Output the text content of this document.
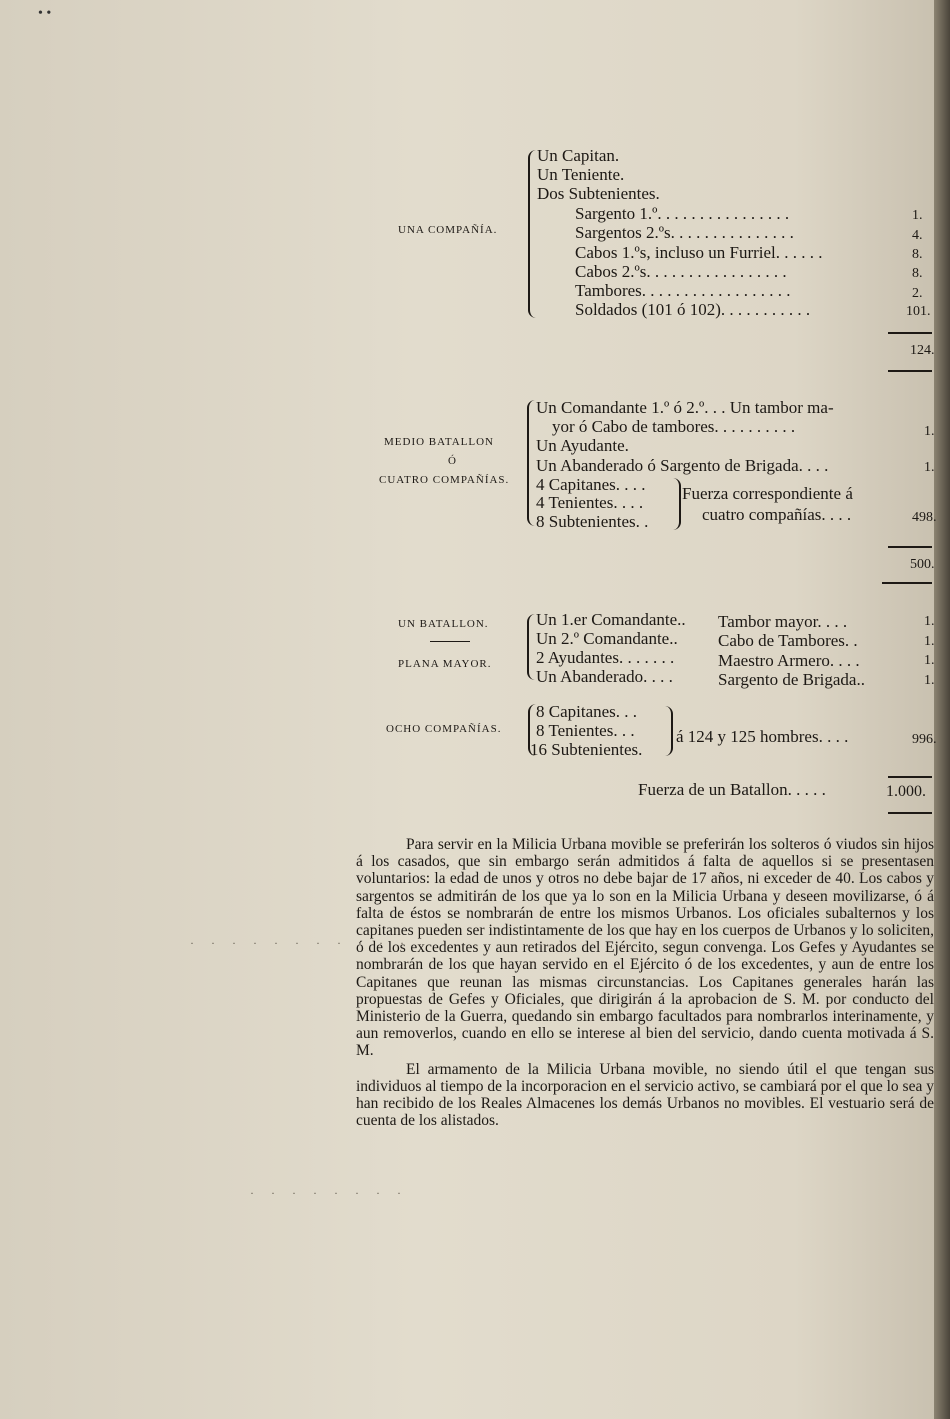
• •
UNA COMPAÑÍA.
Un Capitan.
Un Teniente.
Dos Subtenientes.
Sargento 1.º. . . . . . . . . . . . . . . .
Sargentos 2.ºs. . . . . . . . . . . . . . .
Cabos 1.ºs, incluso un Furriel. . . . . .
Cabos 2.ºs. . . . . . . . . . . . . . . . .
Tambores. . . . . . . . . . . . . . . . . .
Soldados (101 ó 102). . . . . . . . . . .
1.
4.
8.
8.
2.
101.
124.
MEDIO BATALLON
Ó
CUATRO COMPAÑÍAS.
Un Comandante 1.º ó 2.º. . . Un tambor ma-
yor ó Cabo de tambores. . . . . . . . . .
Un Ayudante.
Un Abanderado ó Sargento de Brigada. . . .
4 Capitanes. . . .
4 Tenientes. . . .
8 Subtenientes. .
Fuerza correspondiente á
cuatro compañías. . . .
1.
1.
498.
500.
UN BATALLON.
PLANA MAYOR.
Un 1.er Comandante..
Un 2.º Comandante..
2 Ayudantes. . . . . . .
Un Abanderado. . . .
Tambor mayor. . . .
Cabo de Tambores. .
Maestro Armero. . . .
Sargento de Brigada..
1.
1.
1.
1.
OCHO COMPAÑÍAS.
8 Capitanes. . .
8 Tenientes. . .
16 Subtenientes.
á 124 y 125 hombres. . . .	996.
Fuerza de un Batallon. . . . .	1.000.
· · · · · · · · · · ·
· · · · · · · ·

Para servir en la Milicia Urbana movible se preferirán los solteros ó viudos sin hijos á los casados, que sin embargo serán admitidos á falta de aquellos si se presentasen voluntarios: la edad de unos y otros no debe bajar de 17 años, ni exceder de 40. Los cabos y sargentos se admitirán de los que ya lo son en la Milicia Urbana y deseen movilizarse, ó á falta de éstos se nombrarán de entre los mismos Urbanos. Los oficiales subalternos y los capitanes pueden ser indistintamente de los que hay en los cuerpos de Urbanos y lo soliciten, ó de los excedentes y aun retirados del Ejército, segun convenga. Los Gefes y Ayudantes se nombrarán de los que hayan servido en el Ejército ó de los excedentes, y aun de entre los Capitanes que reunan las mismas circunstancias. Los Capitanes generales harán las propuestas de Gefes y Oficiales, que dirigirán á la aprobacion de S. M. por conducto del Ministerio de la Guerra, quedando sin embargo facultados para nombrarlos interinamente, y aun removerlos, cuando en ello se interese al bien del servicio, dando cuenta motivada á S. M.

El armamento de la Milicia Urbana movible, no siendo útil el que tengan sus individuos al tiempo de la incorporacion en el servicio activo, se cambiará por el que lo sea y han recibido de los Reales Almacenes los demás Urbanos no movibles. El vestuario será de cuenta de los alistados.
